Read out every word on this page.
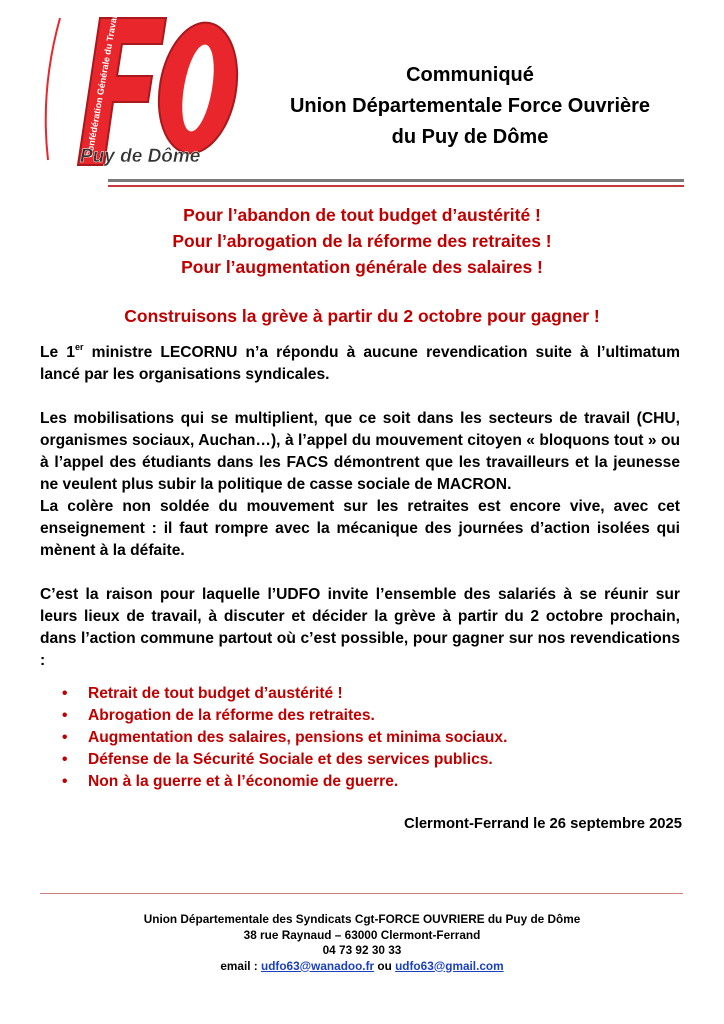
Confédération Générale du Travail
Puy de Dôme
Communiqué
Union Départementale Force Ouvrière
du Puy de Dôme
Pour l’abandon de tout budget d’austérité !
Pour l’abrogation de la réforme des retraites !
Pour l’augmentation générale des salaires !
Construisons la grève à partir du 2 octobre pour gagner !

Le 1er ministre LECORNU n’a répondu à aucune revendication suite à l’ultimatum lancé par les organisations syndicales.

Les mobilisations qui se multiplient, que ce soit dans les secteurs de travail (CHU, organismes sociaux, Auchan…), à l’appel du mouvement citoyen « bloquons tout » ou à l’appel des étudiants dans les FACS démontrent que les travailleurs et la jeunesse ne veulent plus subir la politique de casse sociale de MACRON.

La colère non soldée du mouvement sur les retraites est encore vive, avec cet enseignement : il faut rompre avec la mécanique des journées d’action isolées qui mènent à la défaite.

C’est la raison pour laquelle l’UDFO invite l’ensemble des salariés à se réunir sur leurs lieux de travail, à discuter et décider la grève à partir du 2 octobre prochain, dans l’action commune partout où c’est possible, pour gagner sur nos revendications :

• Retrait de tout budget d’austérité !
• Abrogation de la réforme des retraites.
• Augmentation des salaires, pensions et minima sociaux.
• Défense de la Sécurité Sociale et des services publics.
• Non à la guerre et à l’économie de guerre.
Clermont-Ferrand le 26 septembre 2025
Union Départementale des Syndicats Cgt-FORCE OUVRIERE du Puy de Dôme
38 rue Raynaud – 63000 Clermont-Ferrand
04 73 92 30 33
email : udfo63@wanadoo.fr ou udfo63@gmail.com
